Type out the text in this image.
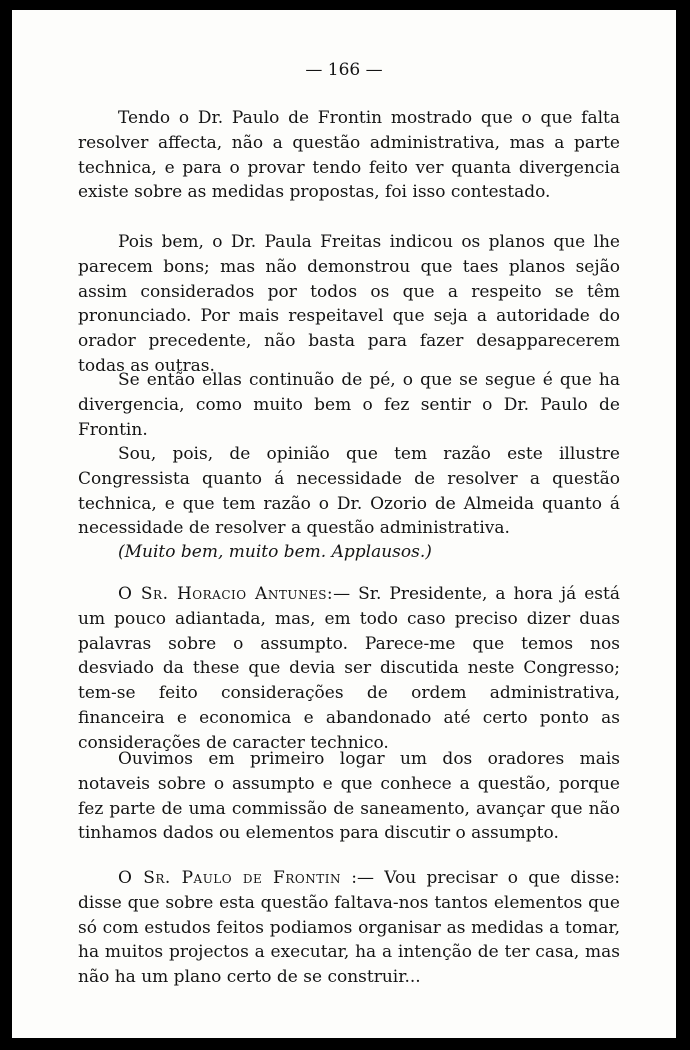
— 166 —

Tendo o Dr. Paulo de Frontin mostrado que o que falta resolver affecta, não a questão administrativa, mas a parte technica, e para o provar tendo feito ver quanta divergencia existe sobre as medidas propostas, foi isso contestado.

Pois bem, o Dr. Paula Freitas indicou os planos que lhe parecem bons; mas não demonstrou que taes planos sejão assim considerados por todos os que a respeito se têm pronunciado. Por mais respeitavel que seja a autoridade do orador precedente, não basta para fazer desapparecerem todas as outras.

Se então ellas continuão de pé, o que se segue é que ha divergencia, como muito bem o fez sentir o Dr. Paulo de Frontin.

Sou, pois, de opinião que tem razão este illustre Congressista quanto á necessidade de resolver a questão technica, e que tem razão o Dr. Ozorio de Almeida quanto á necessidade de resolver a questão administrativa.

(Muito bem, muito bem. Applausos.)

O Sr. Horacio Antunes:— Sr. Presidente, a hora já está um pouco adiantada, mas, em todo caso preciso dizer duas palavras sobre o assumpto. Parece-me que temos nos desviado da these que devia ser discutida neste Congresso; tem-se feito considerações de ordem administrativa, financeira e economica e abandonado até certo ponto as considerações de caracter technico.

Ouvimos em primeiro logar um dos oradores mais notaveis sobre o assumpto e que conhece a questão, porque fez parte de uma commissão de saneamento, avançar que não tinhamos dados ou elementos para discutir o assumpto.

O Sr. Paulo de Frontin :— Vou precisar o que disse: disse que sobre esta questão faltava-nos tantos elementos que só com estudos feitos podiamos organisar as medidas a tomar, ha muitos projectos a executar, ha a intenção de ter casa, mas não ha um plano certo de se construir...
